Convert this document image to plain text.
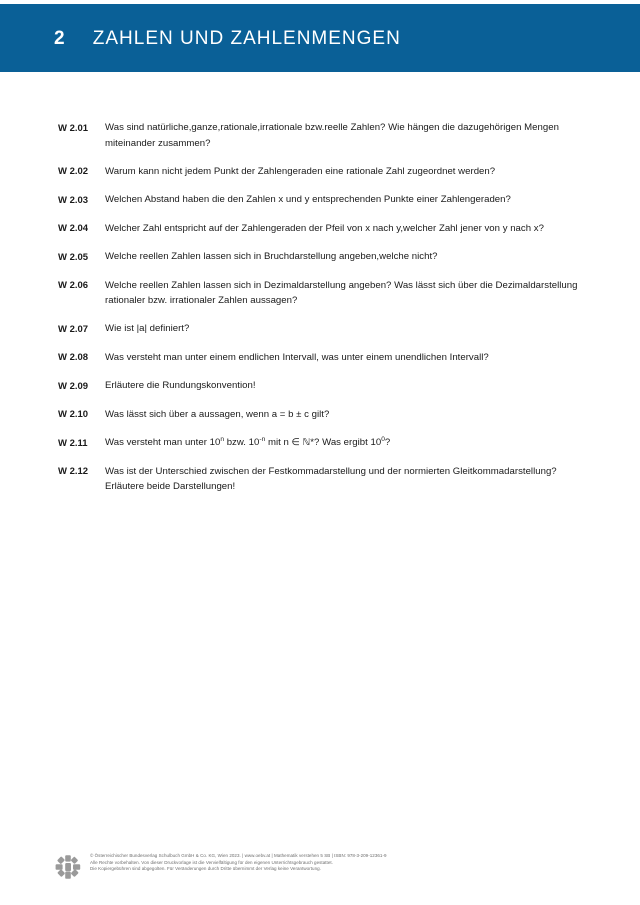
2 ZAHLEN UND ZAHLENMENGEN
W 2.01	Was sind natürliche,ganze,rationale,irrationale bzw.reelle Zahlen? Wie hängen die dazugehörigen Mengen miteinander zusammen?
W 2.02	Warum kann nicht jedem Punkt der Zahlengeraden eine rationale Zahl zugeordnet werden?
W 2.03	Welchen Abstand haben die den Zahlen x und y entsprechenden Punkte einer Zahlengeraden?
W 2.04	Welcher Zahl entspricht auf der Zahlengeraden der Pfeil von x nach y,welcher Zahl jener von y nach x?
W 2.05	Welche reellen Zahlen lassen sich in Bruchdarstellung angeben,welche nicht?
W 2.06	Welche reellen Zahlen lassen sich in Dezimaldarstellung angeben? Was lässt sich über die Dezimaldarstellung rationaler bzw. irrationaler Zahlen aussagen?
W 2.07	Wie ist |a| definiert?
W 2.08	Was versteht man unter einem endlichen Intervall, was unter einem unendlichen Intervall?
W 2.09	Erläutere die Rundungskonvention!
W 2.10	Was lässt sich über a aussagen, wenn a = b ± c gilt?
W 2.11	Was versteht man unter 10$^n$ bzw. $10^{-n}$ mit n ∈ ℕ*? Was ergibt $10^0$?
W 2.12	Was ist der Unterschied zwischen der Festkommadarstellung und der normierten Gleitkommadarstellung? Erläutere beide Darstellungen!
© Österreichischer Bundesverlag Schulbuch GmbH & Co. KG, Wien 2023. | www.oebv.at | Mathematik verstehen 5 SB | ISBN: 978-3-209-12361-9
Alle Rechte vorbehalten. Von dieser Druckvorlage ist die Vervielfältigung für den eigenen Unterrichtsgebrauch gestattet.
Die Kopiergebühren sind abgegolten. Für Veränderungen durch Dritte übernimmt der Verlag keine Verantwortung.
